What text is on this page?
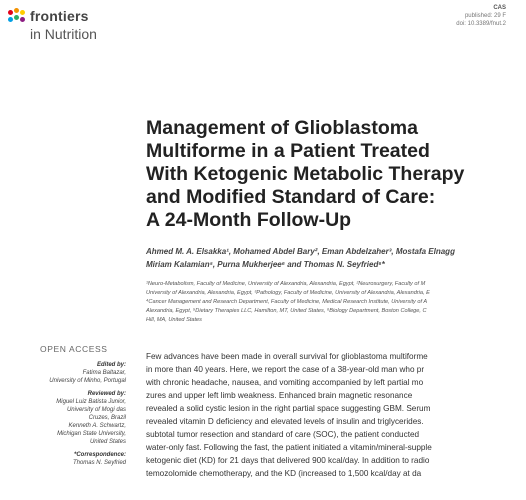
frontiers
in Nutrition
CAS
published: 29 F
doi: 10.3389/fnut.2
Management of Glioblastoma
Multiforme in a Patient Treated
With Ketogenic Metabolic Therapy
and Modified Standard of Care:
A 24-Month Follow-Up
Ahmed M. A. Elsakka¹, Mohamed Abdel Bary², Eman Abdelzaher³, Mostafa Elnagg
Miriam Kalamian⁵, Purna Mukherjee⁶ and Thomas N. Seyfried⁶*
¹Neuro-Metabolism, Faculty of Medicine, University of Alexandria, Alexandria, Egypt, ²Neurosurgery, Faculty of M
University of Alexandria, Alexandria, Egypt, ³Pathology, Faculty of Medicine, University of Alexandria, Alexandria, E
⁴Cancer Management and Research Department, Faculty of Medicine, Medical Research Institute, University of A
Alexandria, Egypt, ⁵Dietary Therapies LLC, Hamilton, MT, United States, ⁶Biology Department, Boston College, C
Hill, MA, United States
OPEN ACCESS
Edited by:
Fatima Baltazar,
University of Minho, Portugal
Reviewed by:
Miguel Luiz Batista Junior,
University of Mogi das
Cruzes, Brazil
Kenneth A. Schwartz,
Michigan State University,
United States
*Correspondence:
Thomas N. Seyfried
Few advances have been made in overall survival for glioblastoma multiforme
in more than 40 years. Here, we report the case of a 38-year-old man who pr
with chronic headache, nausea, and vomiting accompanied by left partial mo
zures and upper left limb weakness. Enhanced brain magnetic resonance
revealed a solid cystic lesion in the right partial space suggesting GBM. Serum
revealed vitamin D deficiency and elevated levels of insulin and triglycerides.
subtotal tumor resection and standard of care (SOC), the patient conducted
water-only fast. Following the fast, the patient initiated a vitamin/mineral-supple
ketogenic diet (KD) for 21 days that delivered 900 kcal/day. In addition to radio
temozolomide chemotherapy, and the KD (increased to 1,500 kcal/day at da
